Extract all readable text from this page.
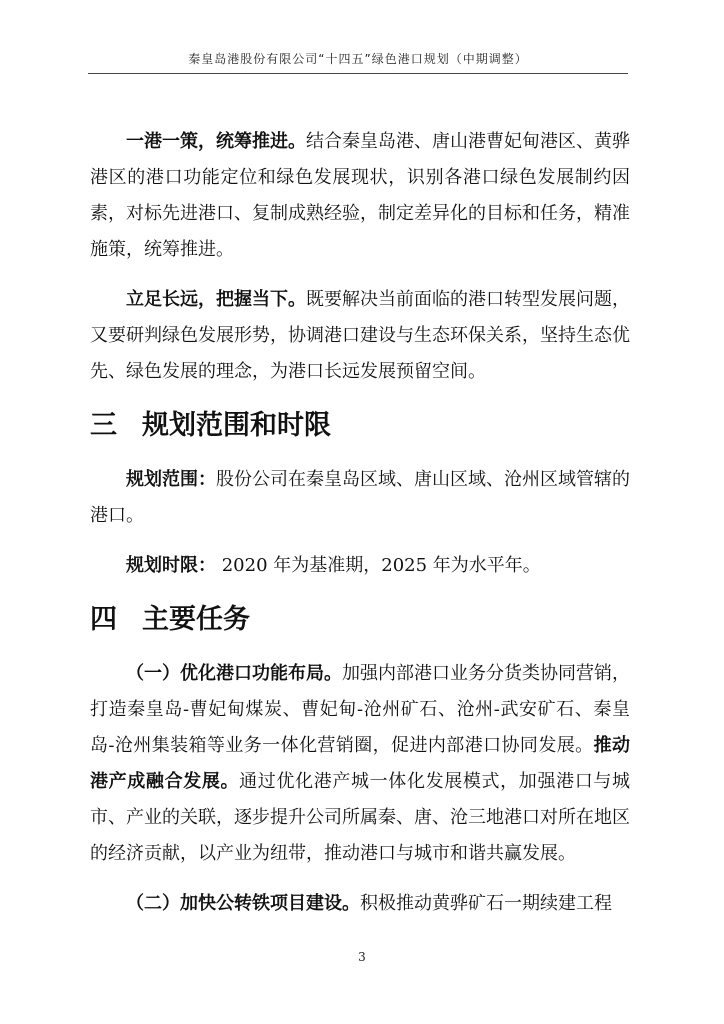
秦皇岛港股份有限公司“十四五”绿色港口规划（中期调整）

一港一策，统筹推进。结合秦皇岛港、唐山港曹妃甸港区、黄骅港区的港口功能定位和绿色发展现状，识别各港口绿色发展制约因素，对标先进港口、复制成熟经验，制定差异化的目标和任务，精准施策，统筹推进。

立足长远，把握当下。既要解决当前面临的港口转型发展问题，又要研判绿色发展形势，协调港口建设与生态环保关系，坚持生态优先、绿色发展的理念，为港口长远发展预留空间。

三 规划范围和时限

规划范围：股份公司在秦皇岛区域、唐山区域、沧州区域管辖的港口。

规划时限： 2020 年为基准期，2025 年为水平年。

四 主要任务

（一）优化港口功能布局。加强内部港口业务分货类协同营销，打造秦皇岛-曹妃甸煤炭、曹妃甸-沧州矿石、沧州-武安矿石、秦皇岛-沧州集装箱等业务一体化营销圈，促进内部港口协同发展。推动港产成融合发展。通过优化港产城一体化发展模式，加强港口与城市、产业的关联，逐步提升公司所属秦、唐、沧三地港口对所在地区的经济贡献，以产业为纽带，推动港口与城市和谐共赢发展。

（二）加快公转铁项目建设。积极推动黄骅矿石一期续建工程

3
